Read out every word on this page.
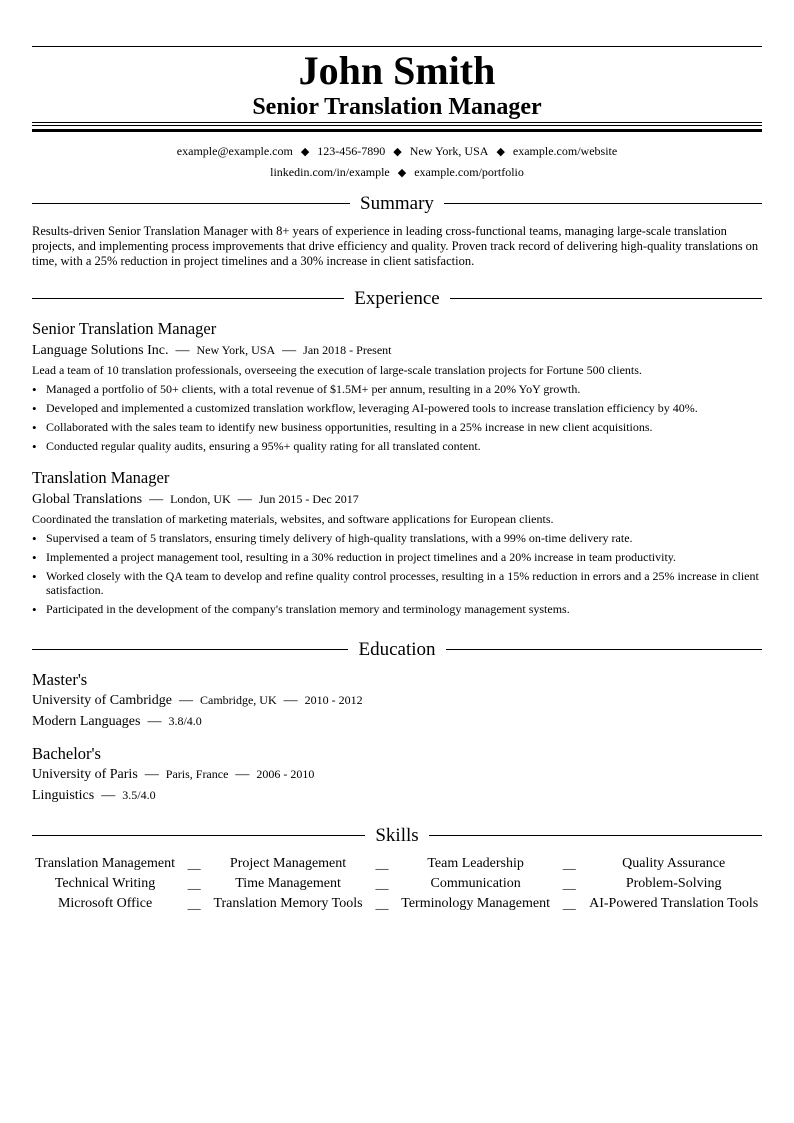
John Smith
Senior Translation Manager
example@example.com ◆ 123-456-7890 ◆ New York, USA ◆ example.com/website
linkedin.com/in/example ◆ example.com/portfolio
Summary
Results-driven Senior Translation Manager with 8+ years of experience in leading cross-functional teams, managing large-scale translation projects, and implementing process improvements that drive efficiency and quality. Proven track record of delivering high-quality translations on time, with a 25% reduction in project timelines and a 30% increase in client satisfaction.
Experience
Senior Translation Manager
Language Solutions Inc. — New York, USA — Jan 2018 - Present
Lead a team of 10 translation professionals, overseeing the execution of large-scale translation projects for Fortune 500 clients.
• Managed a portfolio of 50+ clients, with a total revenue of $1.5M+ per annum, resulting in a 20% YoY growth.
• Developed and implemented a customized translation workflow, leveraging AI-powered tools to increase translation efficiency by 40%.
• Collaborated with the sales team to identify new business opportunities, resulting in a 25% increase in new client acquisitions.
• Conducted regular quality audits, ensuring a 95%+ quality rating for all translated content.
Translation Manager
Global Translations — London, UK — Jun 2015 - Dec 2017
Coordinated the translation of marketing materials, websites, and software applications for European clients.
• Supervised a team of 5 translators, ensuring timely delivery of high-quality translations, with a 99% on-time delivery rate.
• Implemented a project management tool, resulting in a 30% reduction in project timelines and a 20% increase in team productivity.
• Worked closely with the QA team to develop and refine quality control processes, resulting in a 15% reduction in errors and a 25% increase in client satisfaction.
• Participated in the development of the company's translation memory and terminology management systems.
Education
Master's
University of Cambridge — Cambridge, UK — 2010 - 2012
Modern Languages — 3.8/4.0
Bachelor's
University of Paris — Paris, France — 2006 - 2010
Linguistics — 3.5/4.0
Skills
Translation Management	__	Project Management	__	Team Leadership	__	Quality Assurance
Technical Writing	__	Time Management	__	Communication	__	Problem-Solving
Microsoft Office	__	Translation Memory Tools	__	Terminology Management	__	AI-Powered Translation Tools
